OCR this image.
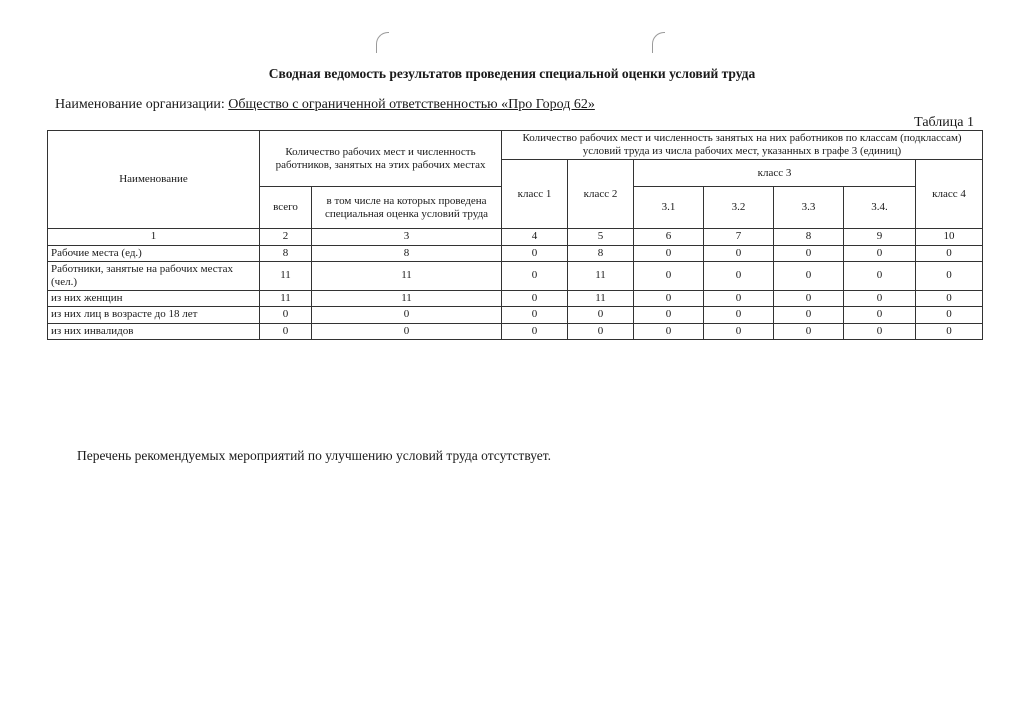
Сводная ведомость результатов проведения специальной оценки условий труда
Наименование организации: Общество с ограниченной ответственностью «Про Город 62»
Таблица 1
Наименование	Количество рабочих мест и численность работников, занятых на этих рабочих местах		Количество рабочих мест и численность занятых на них работников по классам (подклассам) условий труда из числа рабочих мест, указанных в графе 3 (единиц)						
			класс 1	класс 2	класс 3				класс 4
	всего	в том числе на которых проведена специальная оценка условий труда			3.1	3.2	3.3	3.4.	
1	2	3	4	5	6	7	8	9	10
Рабочие места (ед.)	8	8	0	8	0	0	0	0	0
Работники, занятые на рабочих местах (чел.)	11	11	0	11	0	0	0	0	0
из них женщин	11	11	0	11	0	0	0	0	0
из них лиц в возрасте до 18 лет	0	0	0	0	0	0	0	0	0
из них инвалидов	0	0	0	0	0	0	0	0	0
Перечень рекомендуемых мероприятий по улучшению условий труда отсутствует.
